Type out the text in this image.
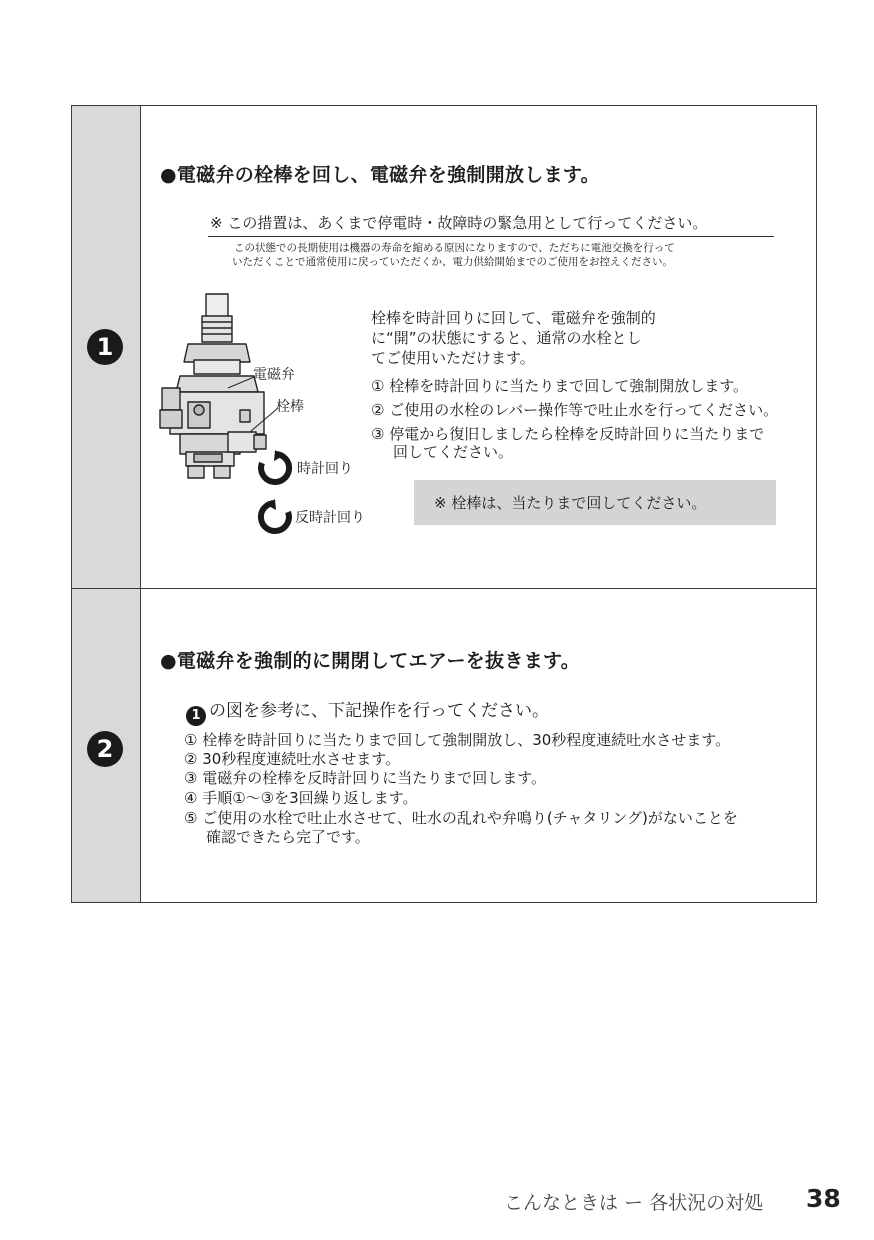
1
2
●電磁弁の栓棒を回し、電磁弁を強制開放します。
※ この措置は、あくまで停電時・故障時の緊急用として行ってください。
この状態での長期使用は機器の寿命を縮める原因になりますので、ただちに電池交換を行って
いただくことで通常使用に戻っていただくか、電力供給開始までのご使用をお控えください。
電磁弁
栓棒
時計回り
反時計回り
栓棒を時計回りに回して、電磁弁を強制的
に“開”の状態にすると、通常の水栓とし
てご使用いただけます。
① 栓棒を時計回りに当たりまで回して強制開放します。
② ご使用の水栓のレバー操作等で吐止水を行ってください。
③ 停電から復旧しましたら栓棒を反時計回りに当たりまで
回してください。
※ 栓棒は、当たりまで回してください。
●電磁弁を強制的に開閉してエアーを抜きます。
1 の図を参考に、下記操作を行ってください。
① 栓棒を時計回りに当たりまで回して強制開放し、30秒程度連続吐水させます。
② 30秒程度連続吐水させます。
③ 電磁弁の栓棒を反時計回りに当たりまで回します。
④ 手順①〜③を3回繰り返します。
⑤ ご使用の水栓で吐止水させて、吐水の乱れや弁鳴り(チャタリング)がないことを
確認できたら完了です。
こんなときは ー 各状況の対処 38
